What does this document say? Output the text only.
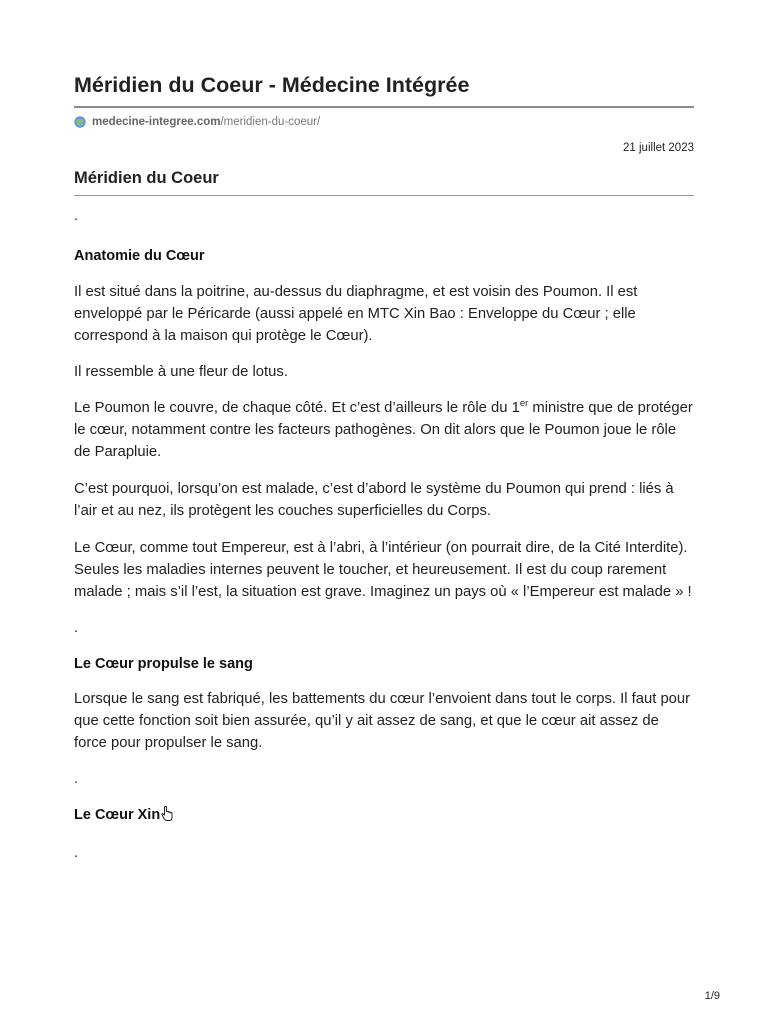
Méridien du Coeur - Médecine Intégrée
medecine-integree.com /meridien-du-coeur/
21 juillet 2023
Méridien du Coeur
.
Anatomie du Cœur

Il est situé dans la poitrine, au-dessus du diaphragme, et est voisin des Poumon. Il est enveloppé par le Péricarde (aussi appelé en MTC Xin Bao : Enveloppe du Cœur ; elle correspond à la maison qui protège le Cœur).

Il ressemble à une fleur de lotus.

Le Poumon le couvre, de chaque côté. Et c’est d’ailleurs le rôle du 1er ministre que de protéger le cœur, notamment contre les facteurs pathogènes. On dit alors que le Poumon joue le rôle de Parapluie.

C’est pourquoi, lorsqu’on est malade, c’est d’abord le système du Poumon qui prend : liés à l’air et au nez, ils protègent les couches superficielles du Corps.

Le Cœur, comme tout Empereur, est à l’abri, à l’intérieur (on pourrait dire, de la Cité Interdite). Seules les maladies internes peuvent le toucher, et heureusement. Il est du coup rarement malade ; mais s’il l’est, la situation est grave. Imaginez un pays où « l’Empereur est malade » !

.
Le Cœur propulse le sang

Lorsque le sang est fabriqué, les battements du cœur l’envoient dans tout le corps. Il faut pour que cette fonction soit bien assurée, qu’il y ait assez de sang, et que le cœur ait assez de force pour propulser le sang.

.
Le Cœur Xin
.
1/9
